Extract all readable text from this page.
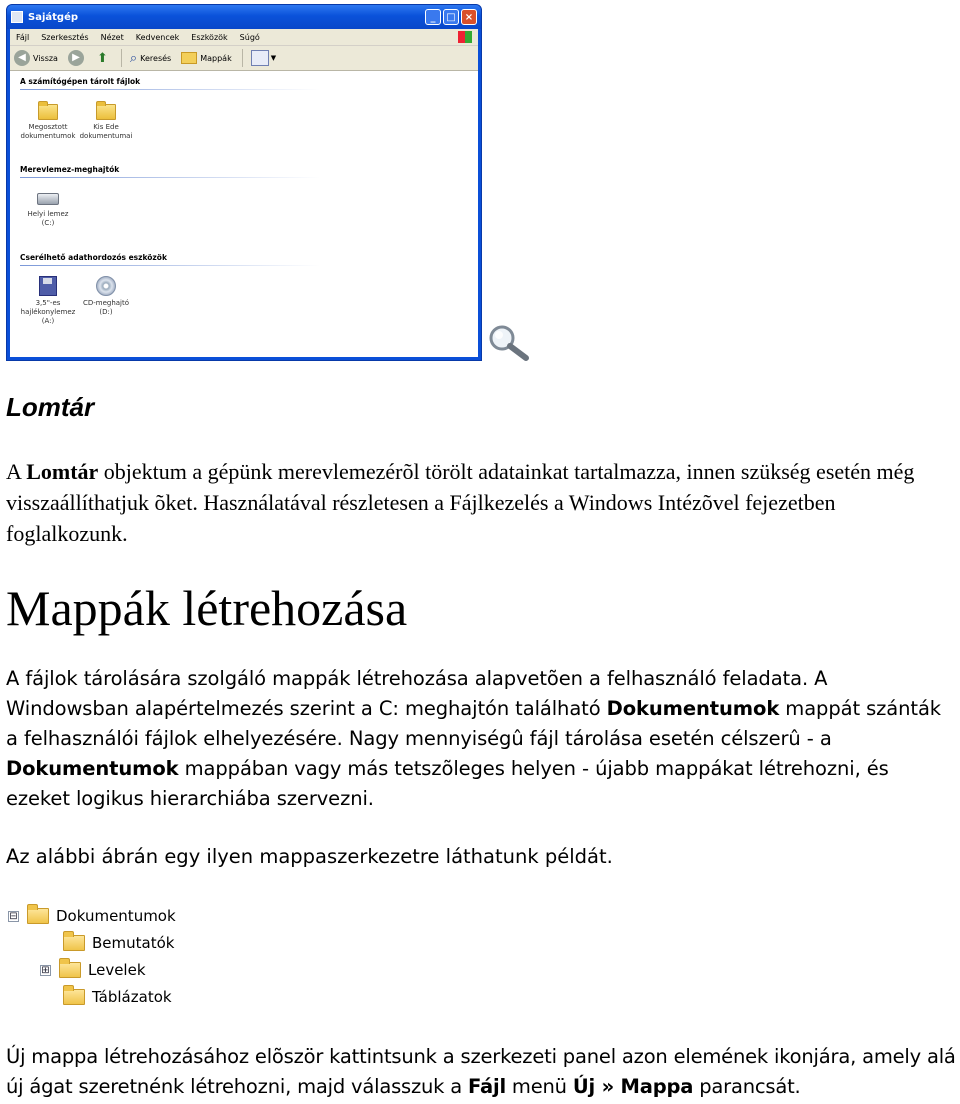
Sajátgép	_	□ ×
Fájl Szerkesztés Nézet Kedvencek Eszközök Súgó
◀ Vissza	▶	⬆ ⌕ Keresés	Mappák	▼
A számítógépen tárolt fájlok
Megosztott
dokumentumok
Kis Ede
dokumentumai
Merevlemez-meghajtók
Helyi lemez
(C:)
Cserélhető adathordozós eszközök
3,5"-es
hajlékonylemez
(A:)
CD-meghajtó
(D:)
Lomtár

A Lomtár objektum a gépünk merevlemezérõl törölt adatainkat tartalmazza, innen szükség esetén még visszaállíthatjuk õket. Használatával részletesen a Fájlkezelés a Windows Intézõvel fejezetben foglalkozunk.

Mappák létrehozása

A fájlok tárolására szolgáló mappák létrehozása alapvetõen a felhasználó feladata. A Windowsban alapértelmezés szerint a C: meghajtón található Dokumentumok mappát szánták a felhasználói fájlok elhelyezésére. Nagy mennyiségû fájl tárolása esetén célszerû - a Dokumentumok mappában vagy más tetszõleges helyen - újabb mappákat létrehozni, és ezeket logikus hierarchiába szervezni.

Az alábbi ábrán egy ilyen mappaszerkezetre láthatunk példát.

⊟	Dokumentumok
Bemutatók
⊞	Levelek
Táblázatok

Új mappa létrehozásához elõször kattintsunk a szerkezeti panel azon elemének ikonjára, amely alá új ágat szeretnénk létrehozni, majd válasszuk a Fájl menü Új » Mappa parancsát.
